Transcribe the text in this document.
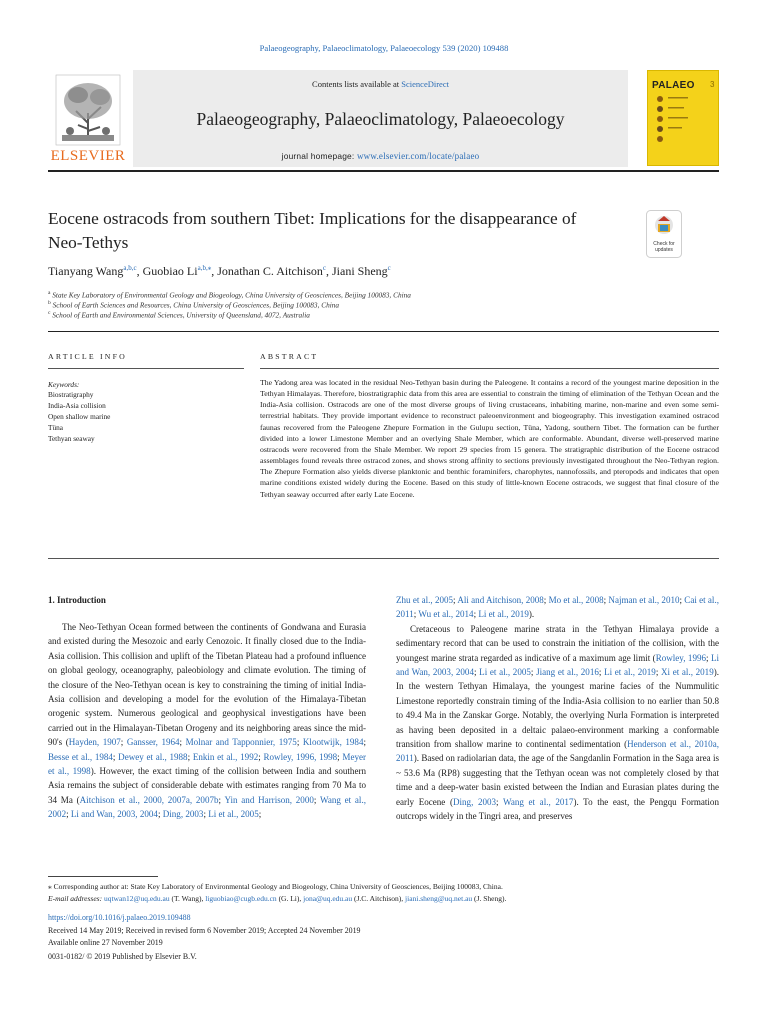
Palaeogeography, Palaeoclimatology, Palaeoecology 539 (2020) 109488
Contents lists available at ScienceDirect
Palaeogeography, Palaeoclimatology, Palaeoecology
journal homepage: www.elsevier.com/locate/palaeo
ELSEVIER
PALAEO 3
Eocene ostracods from southern Tibet: Implications for the disappearance of
Neo-Tethys	Check for
updates
Tianyang Wang$^{a,b,c}$, Guobiao $Li^{a,b,⁎}$, Jonathan C. Aitchison$^c$, Jiani Sheng$^c$
$^a$ State Key Laboratory of Environmental Geology and Biogeology, China University of Geosciences, Beijing 100083, China
$^b$ School of Earth Sciences and Resources, China University of Geosciences, Beijing 100083, China
$^c$ School of Earth and Environmental Sciences, University of Queensland, 4072, Australia
ARTICLE INFO
Keywords:
Biostratigraphy
India-Asia collision
Open shallow marine
Tüna
Tethyan seaway
ABSTRACT
The Yadong area was located in the residual Neo-Tethyan basin during the Paleogene. It contains a record of the youngest marine deposition in the Tethyan Himalayas. Therefore, biostratigraphic data from this area are essential to constrain the timing of elimination of the Tethyan Ocean and the India-Asia collision. Ostracods are one of the most diverse groups of living crustaceans, inhabiting marine, non-marine and even some semi-terrestrial habitats. They provide important evidence to reconstruct paleoenvironment and biogeography. This investigation examined ostracod faunas recovered from the Paleogene Zhepure Formation in the Gulupu section, Tüna, Yadong, southern Tibet. The formation can be further divided into a lower Limestone Member and an overlying Shale Member, which are conformable. Abundant, diverse well-preserved marine ostracods were recovered from the Shale Member. We report 29 species from 15 genera. The stratigraphic distribution of the Eocene ostracod assemblages found reveals three ostracod zones, and shows strong affinity to sections previously investigated throughout the Neo-Tethyan region. The Zhepure Formation also yields diverse planktonic and benthic foraminifers, charophytes, nannofossils, and pteropods and indicates that open marine conditions existed widely during the Eocene. Based on this study of little-known Eocene ostracods, we suggest that final closure of the Tethyan seaway occurred after early Late Eocene.
1. Introduction

The Neo-Tethyan Ocean formed between the continents of Gondwana and Eurasia and existed during the Mesozoic and early Cenozoic. It finally closed due to the India-Asia collision. This collision and uplift of the Tibetan Plateau had a profound influence on global geology, oceanography, paleobiology and climate evolution. The timing of the closure of the Neo-Tethyan ocean is key to constraining the timing of initial India-Asia collision and developing a model for the evolution of the Himalaya-Tibetan orogenic system. Numerous geological and geophysical investigations have been carried out in the Himalayan-Tibetan Orogeny and its neighboring areas since the mid-90's (Hayden, 1907; Gansser, 1964; Molnar and Tapponnier, 1975; Klootwijk, 1984; Besse et al., 1984; Dewey et al., 1988; Enkin et al., 1992; Rowley, 1996, 1998; Meyer et al., 1998). However, the exact timing of the collision between India and southern Asia remains the subject of considerable debate with estimates ranging from 70 Ma to 34 Ma (Aitchison et al., 2000, 2007a, 2007b; Yin and Harrison, 2000; Wang et al., 2002; Li and Wan, 2003, 2004; Ding, 2003; Li et al., 2005;

Zhu et al., 2005; Ali and Aitchison, 2008; Mo et al., 2008; Najman et al., 2010; Cai et al., 2011; Wu et al., 2014; Li et al., 2019).

Cretaceous to Paleogene marine strata in the Tethyan Himalaya provide a sedimentary record that can be used to constrain the initiation of the collision, with the youngest marine strata regarded as indicative of a maximum age limit (Rowley, 1996; Li and Wan, 2003, 2004; Li et al., 2005; Jiang et al., 2016; Li et al., 2019; Xi et al., 2019). In the western Tethyan Himalaya, the youngest marine facies of the Nummulitic Limestone reportedly constrain timing of the India-Asia collision to no earlier than 50.8 to 49.4 Ma in the Zanskar Gorge. Notably, the overlying Nurla Formation is interpreted as having been deposited in a deltaic palaeo-environment marking a conformable transition from shallow marine to continental sedimentation (Henderson et al., 2010a, 2011). Based on radiolarian data, the age of the Sangdanlin Formation in the Saga area is ~ 53.6 Ma (RP8) suggesting that the Tethyan ocean was not completely closed by that time and a deep-water basin existed between the Indian and Eurasian plates during the early Eocene (Ding, 2003; Wang et al., 2017). To the east, the Pengqu Formation outcrops widely in the Tingri area, and preserves

⁎ Corresponding author at: State Key Laboratory of Environmental Geology and Biogeology, China University of Geosciences, Beijing 100083, China.
E-mail addresses: uqtwan12@uq.edu.au (T. Wang), liguobiao@cugb.edu.cn (G. Li), jona@uq.edu.au (J.C. Aitchison), jiani.sheng@uq.net.au (J. Sheng).
https://doi.org/10.1016/j.palaeo.2019.109488
Received 14 May 2019; Received in revised form 6 November 2019; Accepted 24 November 2019
Available online 27 November 2019
0031-0182/ © 2019 Published by Elsevier B.V.
